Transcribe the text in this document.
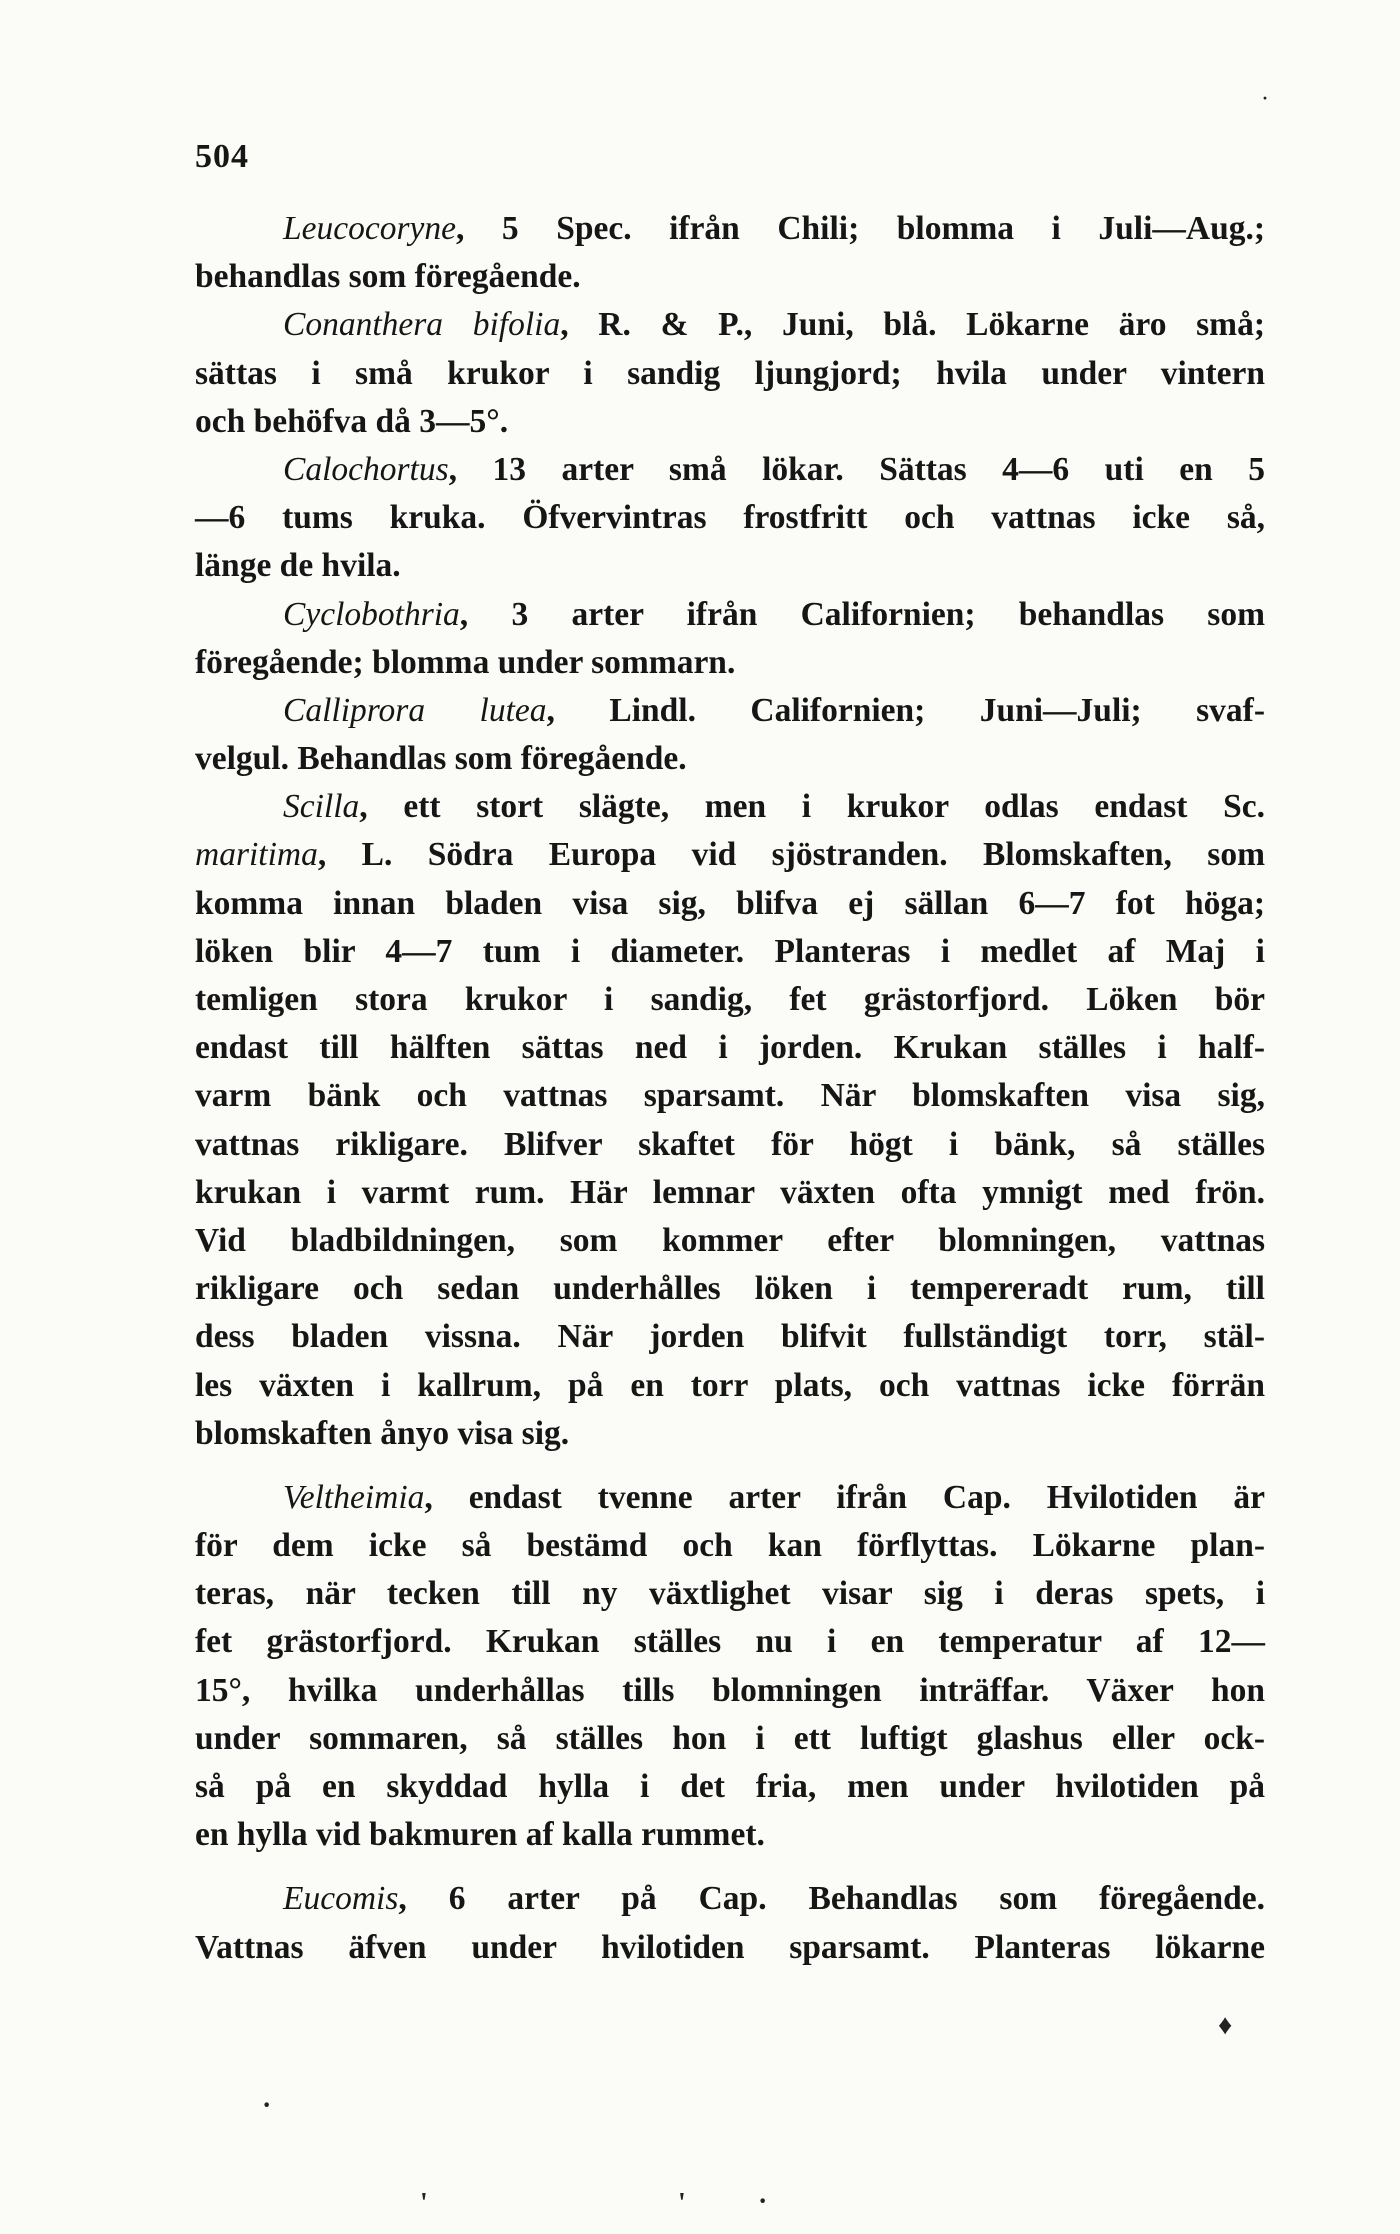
504
Leucocoryne, 5 Spec. ifrån Chili; blomma i Juli—Aug.;
behandlas som föregående.
Conanthera bifolia, R. & P., Juni, blå. Lökarne äro små;
sättas i små krukor i sandig ljungjord; hvila under vintern
och behöfva då 3—5°.
Calochortus, 13 arter små lökar. Sättas 4—6 uti en 5
—6 tums kruka. Öfvervintras frostfritt och vattnas icke så,
länge de hvila.
Cyclobothria, 3 arter ifrån Californien; behandlas som
föregående; blomma under sommarn.
Calliprora lutea, Lindl. Californien; Juni—Juli; svaf-
velgul. Behandlas som föregående.
Scilla, ett stort slägte, men i krukor odlas endast Sc.
maritima, L. Södra Europa vid sjöstranden. Blomskaften, som
komma innan bladen visa sig, blifva ej sällan 6—7 fot höga;
löken blir 4—7 tum i diameter. Planteras i medlet af Maj i
temligen stora krukor i sandig, fet grästorfjord. Löken bör
endast till hälften sättas ned i jorden. Krukan ställes i half-
varm bänk och vattnas sparsamt. När blomskaften visa sig,
vattnas rikligare. Blifver skaftet för högt i bänk, så ställes
krukan i varmt rum. Här lemnar växten ofta ymnigt med frön.
Vid bladbildningen, som kommer efter blomningen, vattnas
rikligare och sedan underhålles löken i tempereradt rum, till
dess bladen vissna. När jorden blifvit fullständigt torr, stäl-
les växten i kallrum, på en torr plats, och vattnas icke förrän
blomskaften ånyo visa sig.
Veltheimia, endast tvenne arter ifrån Cap. Hvilotiden är
för dem icke så bestämd och kan förflyttas. Lökarne plan-
teras, när tecken till ny växtlighet visar sig i deras spets, i
fet grästorfjord. Krukan ställes nu i en temperatur af 12—
15°, hvilka underhållas tills blomningen inträffar. Växer hon
under sommaren, så ställes hon i ett luftigt glashus eller ock-
så på en skyddad hylla i det fria, men under hvilotiden på
en hylla vid bakmuren af kalla rummet.
Eucomis, 6 arter på Cap. Behandlas som föregående.
Vattnas äfven under hvilotiden sparsamt. Planteras lökarne
♦
·
'	'	·
·
